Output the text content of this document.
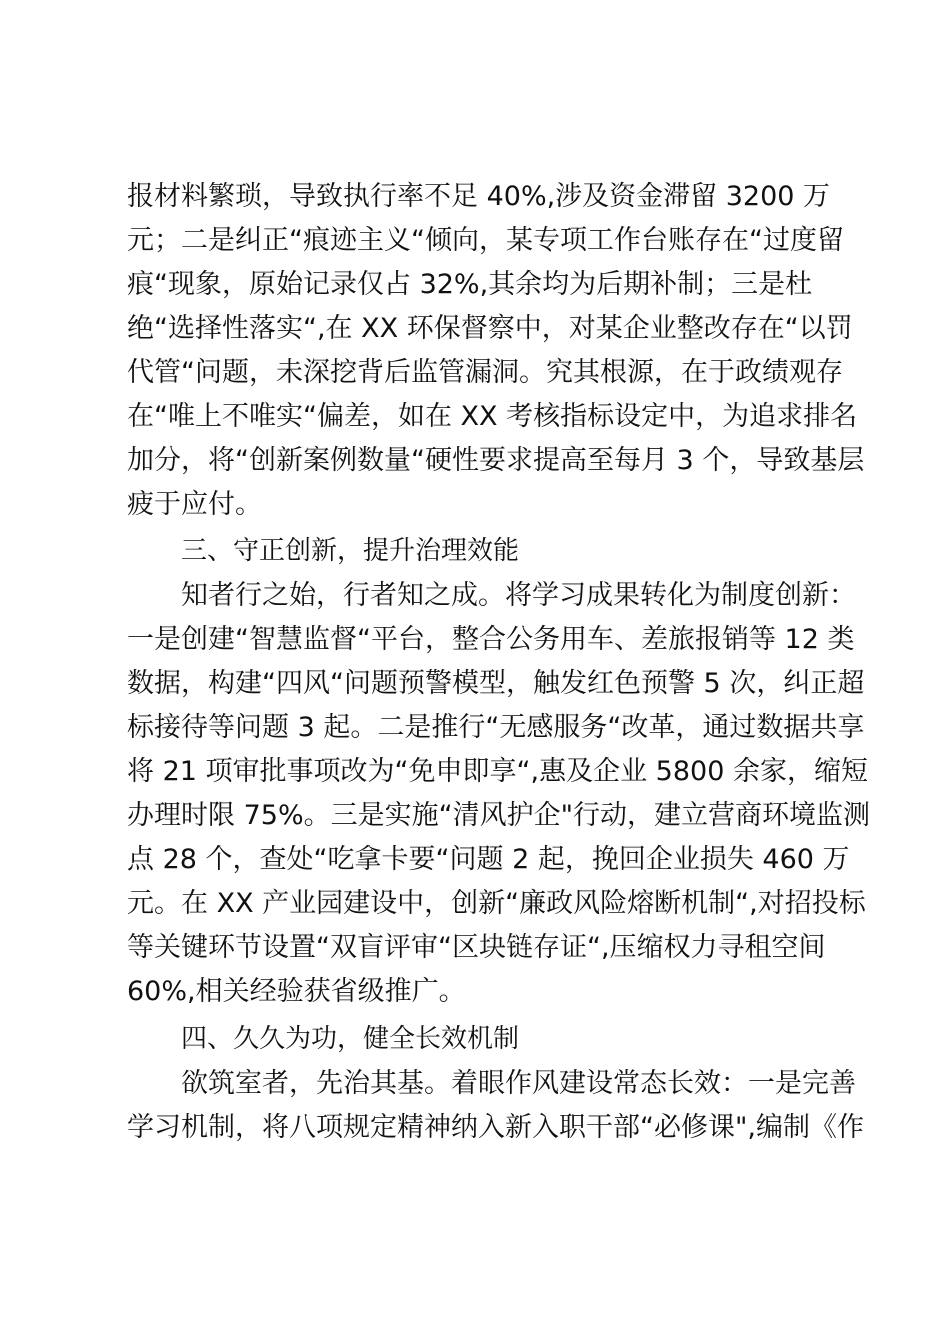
报材料繁琐，导致执行率不足 40%,涉及资金滞留 3200 万
元；二是纠正“痕迹主义“倾向，某专项工作台账存在“过度留
痕“现象，原始记录仅占 32%,其余均为后期补制；三是杜
绝“选择性落实“,在 XX 环保督察中，对某企业整改存在“以罚
代管“问题，未深挖背后监管漏洞。究其根源，在于政绩观存
在“唯上不唯实“偏差，如在 XX 考核指标设定中，为追求排名
加分，将“创新案例数量“硬性要求提高至每月 3 个，导致基层
疲于应付。
三、守正创新，提升治理效能
知者行之始，行者知之成。将学习成果转化为制度创新：
一是创建“智慧监督“平台，整合公务用车、差旅报销等 12 类
数据，构建“四风“问题预警模型，触发红色预警 5 次，纠正超
标接待等问题 3 起。二是推行“无感服务“改革，通过数据共享
将 21 项审批事项改为“免申即享“,惠及企业 5800 余家，缩短
办理时限 75%。三是实施“清风护企"行动，建立营商环境监测
点 28 个，查处“吃拿卡要“问题 2 起，挽回企业损失 460 万
元。在 XX 产业园建设中，创新“廉政风险熔断机制“,对招投标
等关键环节设置“双盲评审“区块链存证“,压缩权力寻租空间
60%,相关经验获省级推广。
四、久久为功，健全长效机制
欲筑室者，先治其基。着眼作风建设常态长效：一是完善
学习机制，将八项规定精神纳入新入职干部“必修课",编制《作
